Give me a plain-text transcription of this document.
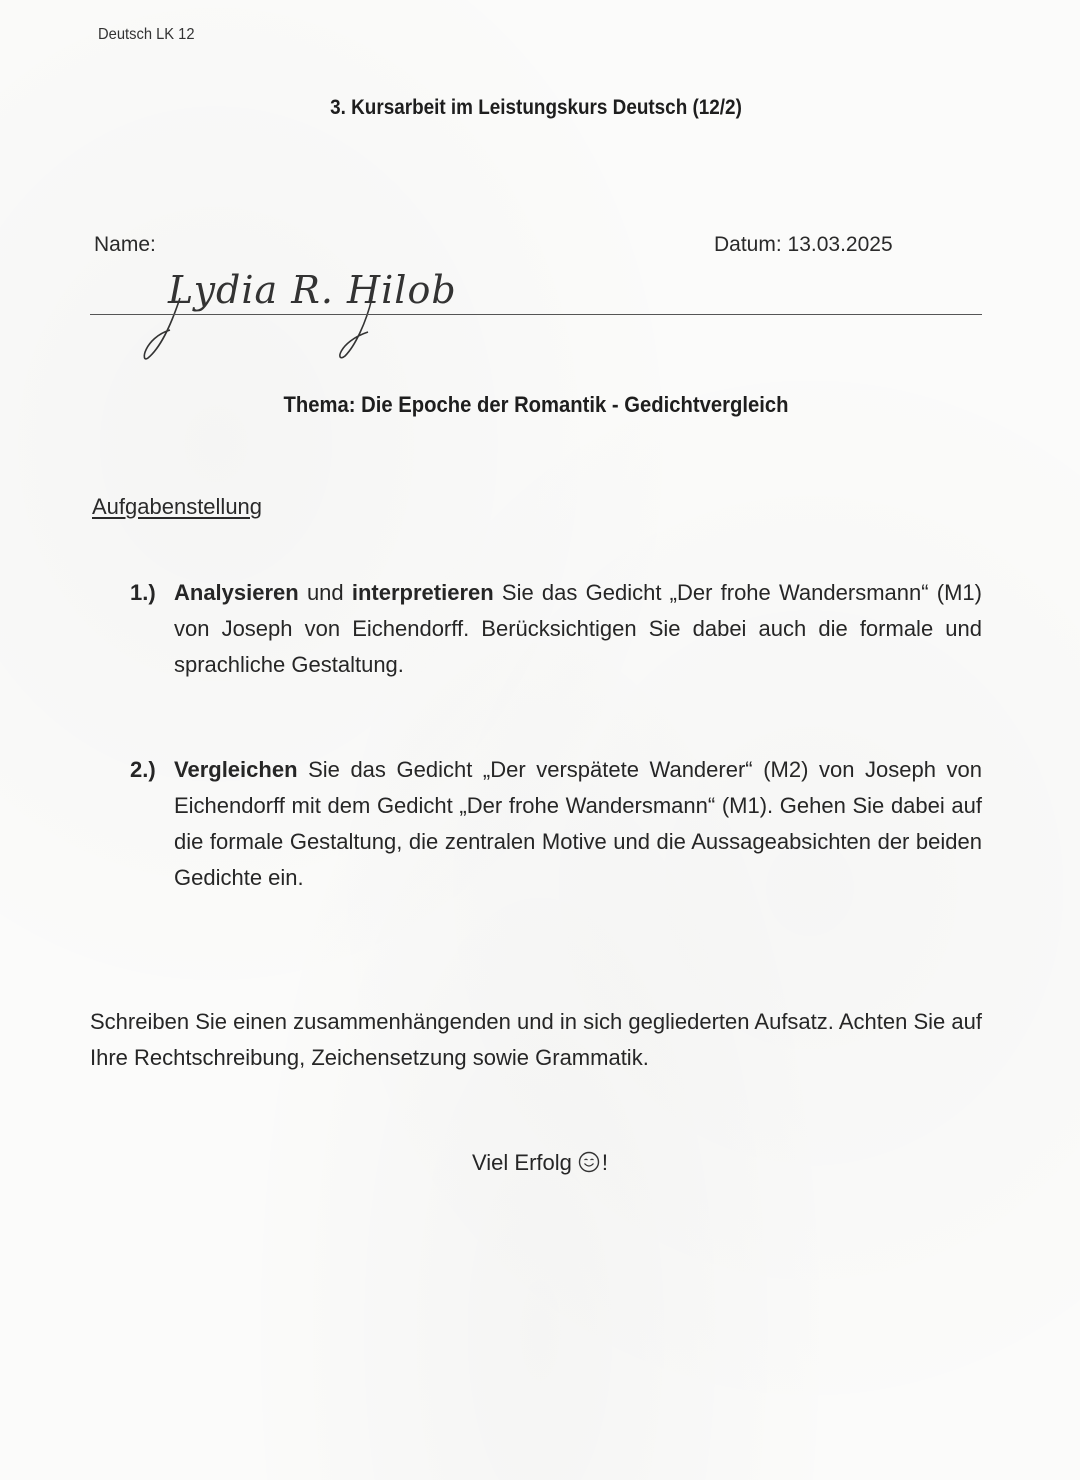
Deutsch LK 12
3. Kursarbeit im Leistungskurs Deutsch (12/2)
Name:	Datum: 13.03.2025
Lydia R. Hilob
Thema: Die Epoche der Romantik - Gedichtvergleich
Aufgabenstellung
1.) Analysieren und interpretieren Sie das Gedicht „Der frohe Wandersmann“ (M1) von Joseph von Eichendorff. Berücksichtigen Sie dabei auch die formale und sprachliche Gestaltung.
2.) Vergleichen Sie das Gedicht „Der verspätete Wanderer“ (M2) von Joseph von Eichendorff mit dem Gedicht „Der frohe Wandersmann“ (M1). Gehen Sie dabei auf die formale Gestaltung, die zentralen Motive und die Aussageabsichten der beiden Gedichte ein.
Schreiben Sie einen zusammenhängenden und in sich gegliederten Aufsatz. Achten Sie auf Ihre Rechtschreibung, Zeichensetzung sowie Grammatik.
Viel Erfolg !
